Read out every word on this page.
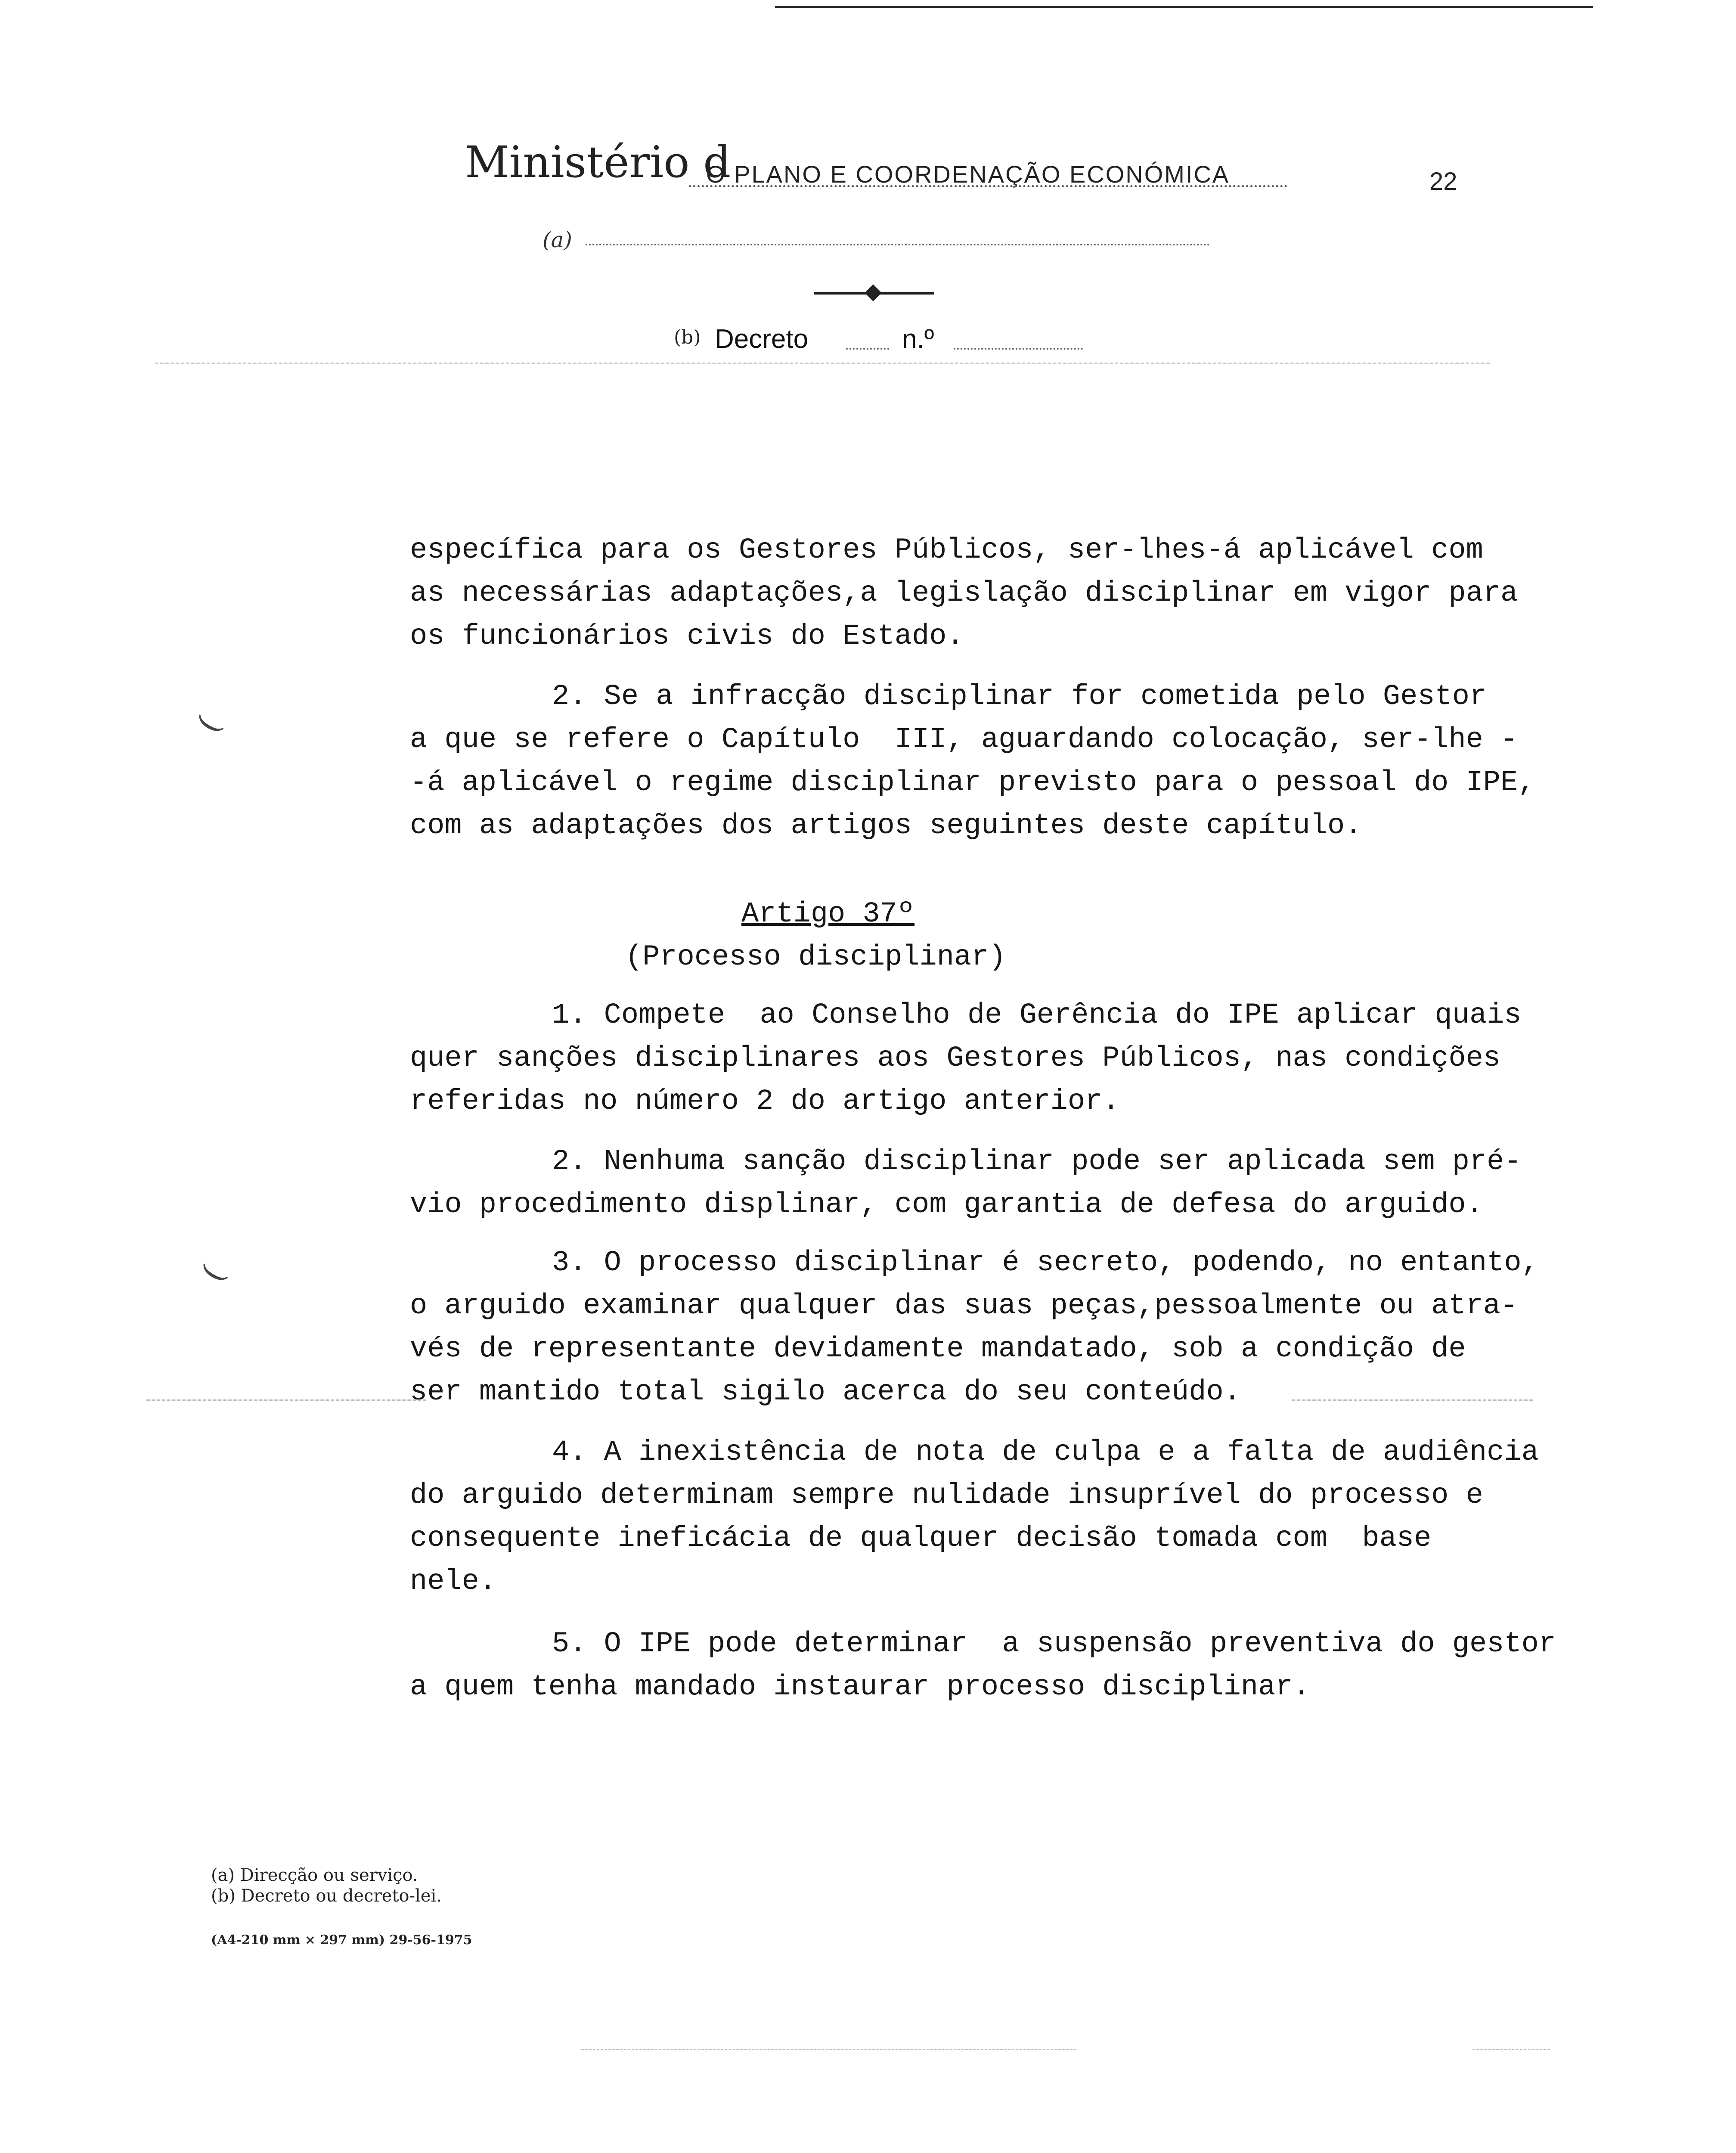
Ministério d
O PLANO E COORDENAÇÃO ECONÓMICA	22
(a)
(b) Decreto	n.º
específica para os Gestores Públicos, ser-lhes-á aplicável com
as necessárias adaptações,a legislação disciplinar em vigor para
os funcionários civis do Estado.
2. Se a infracção disciplinar for cometida pelo Gestor
a que se refere o Capítulo  III, aguardando colocação, ser-lhe -
-á aplicável o regime disciplinar previsto para o pessoal do IPE,
com as adaptações dos artigos seguintes deste capítulo.
Artigo 37º
(Processo disciplinar)
1. Compete  ao Conselho de Gerência do IPE aplicar quais
quer sanções disciplinares aos Gestores Públicos, nas condições
referidas no número 2 do artigo anterior.
2. Nenhuma sanção disciplinar pode ser aplicada sem pré-
vio procedimento displinar, com garantia de defesa do arguido.
3. O processo disciplinar é secreto, podendo, no entanto,
o arguido examinar qualquer das suas peças,pessoalmente ou atra-
vés de representante devidamente mandatado, sob a condição de
ser mantido total sigilo acerca do seu conteúdo.
4. A inexistência de nota de culpa e a falta de audiência
do arguido determinam sempre nulidade insuprível do processo e
consequente ineficácia de qualquer decisão tomada com  base
nele.
5. O IPE pode determinar  a suspensão preventiva do gestor
a quem tenha mandado instaurar processo disciplinar.
(
(
(a) Direcção ou serviço.
(b) Decreto ou decreto-lei.
(A4-210 mm × 297 mm) 29-56-1975
